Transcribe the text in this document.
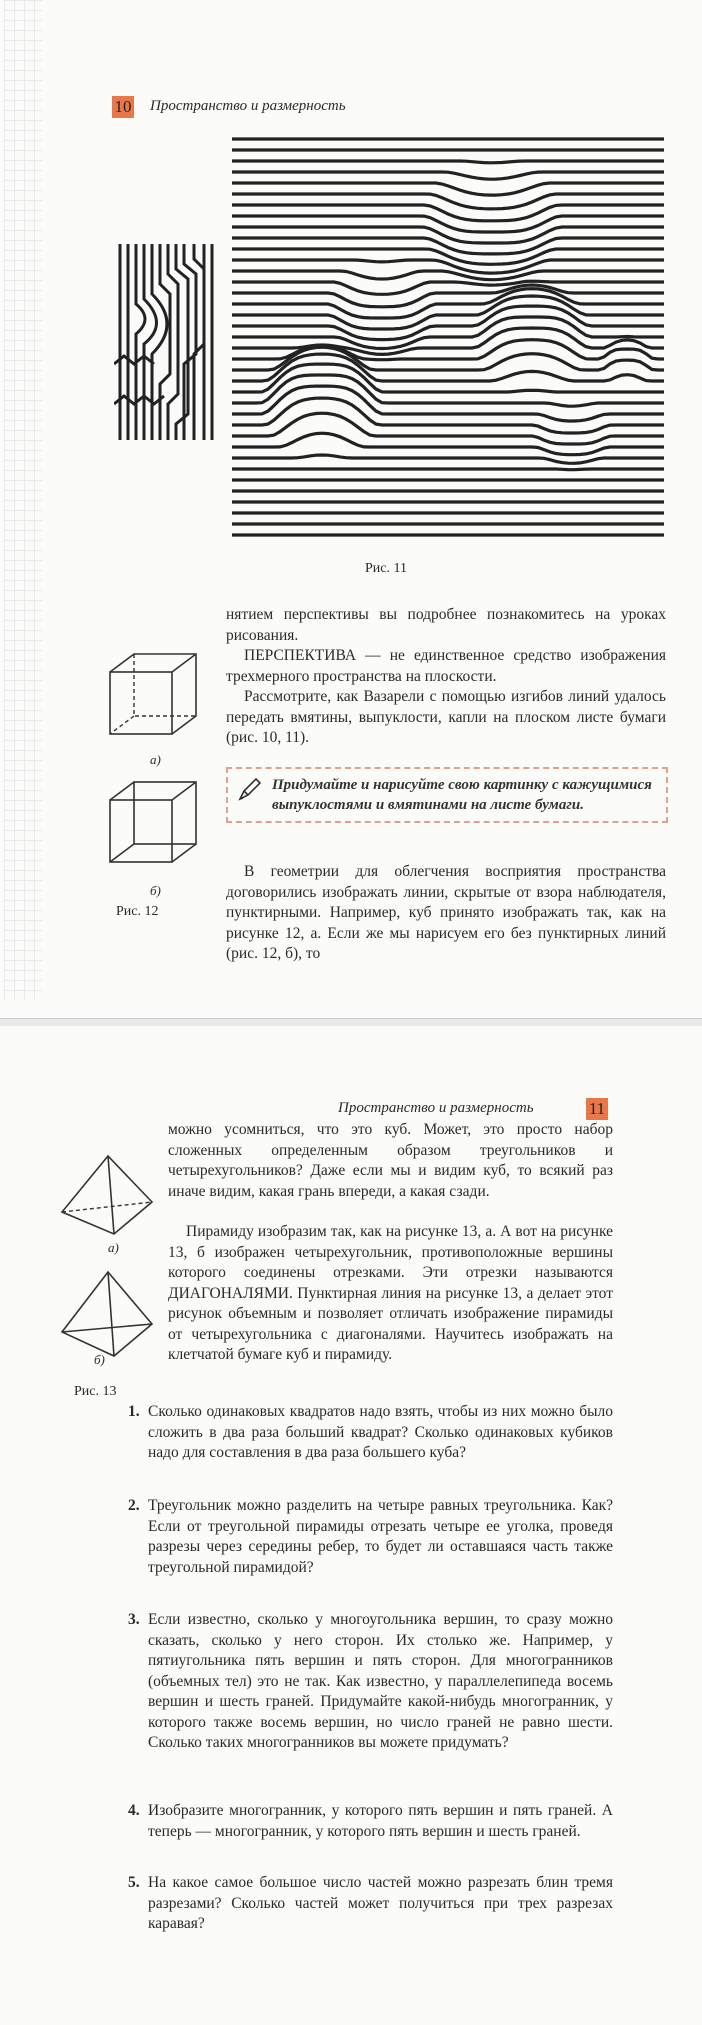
10 Пространство и размерность
Рис. 11
а)
б)
Рис. 12
нятием перспективы вы подробнее познакомитесь на уроках рисования.
ПЕРСПЕКТИВА — не единственное средство изображения трехмерного пространства на плоскости.
Рассмотрите, как Вазарели с помощью изгибов линий удалось передать вмятины, выпуклости, капли на плоском листе бумаги (рис. 10, 11).
Придумайте и нарисуйте свою картинку с кажущимися выпуклостями и вмятинами на листе бумаги.
В геометрии для облегчения восприятия пространства договорились изображать линии, скрытые от взора наблюдателя, пунктирными. Например, куб принято изображать так, как на рисунке 12, а. Если же мы нарисуем его без пунктирных линий (рис. 12, б), то
Пространство и размерность	11
а)
б)
Рис. 13
можно усомниться, что это куб. Может, это просто набор сложенных определенным образом треугольников и четырехугольников? Даже если мы и видим куб, то всякий раз иначе видим, какая грань впереди, а какая сзади.
Пирамиду изобразим так, как на рисунке 13, а. А вот на рисунке 13, б изображен четырехугольник, противоположные вершины которого соединены отрезками. Эти отрезки называются ДИАГОНАЛЯМИ. Пунктирная линия на рисунке 13, а делает этот рисунок объемным и позволяет отличать изображение пирамиды от четырехугольника с диагоналями. Научитесь изображать на клетчатой бумаге куб и пирамиду.
1. Сколько одинаковых квадратов надо взять, чтобы из них можно было сложить в два раза больший квадрат? Сколько одинаковых кубиков надо для составления в два раза большего куба?
2. Треугольник можно разделить на четыре равных треугольника. Как? Если от треугольной пирамиды отрезать четыре ее уголка, проведя разрезы через середины ребер, то будет ли оставшаяся часть также треугольной пирамидой?
3. Если известно, сколько у многоугольника вершин, то сразу можно сказать, сколько у него сторон. Их столько же. Например, у пятиугольника пять вершин и пять сторон. Для многогранников (объемных тел) это не так. Как известно, у параллелепипеда восемь вершин и шесть граней. Придумайте какой-нибудь многогранник, у которого также восемь вершин, но число граней не равно шести. Сколько таких многогранников вы можете придумать?
4. Изобразите многогранник, у которого пять вершин и пять граней. А теперь — многогранник, у которого пять вершин и шесть граней.
5. На какое самое большое число частей можно разрезать блин тремя разрезами? Сколько частей может получиться при трех разрезах каравая?
